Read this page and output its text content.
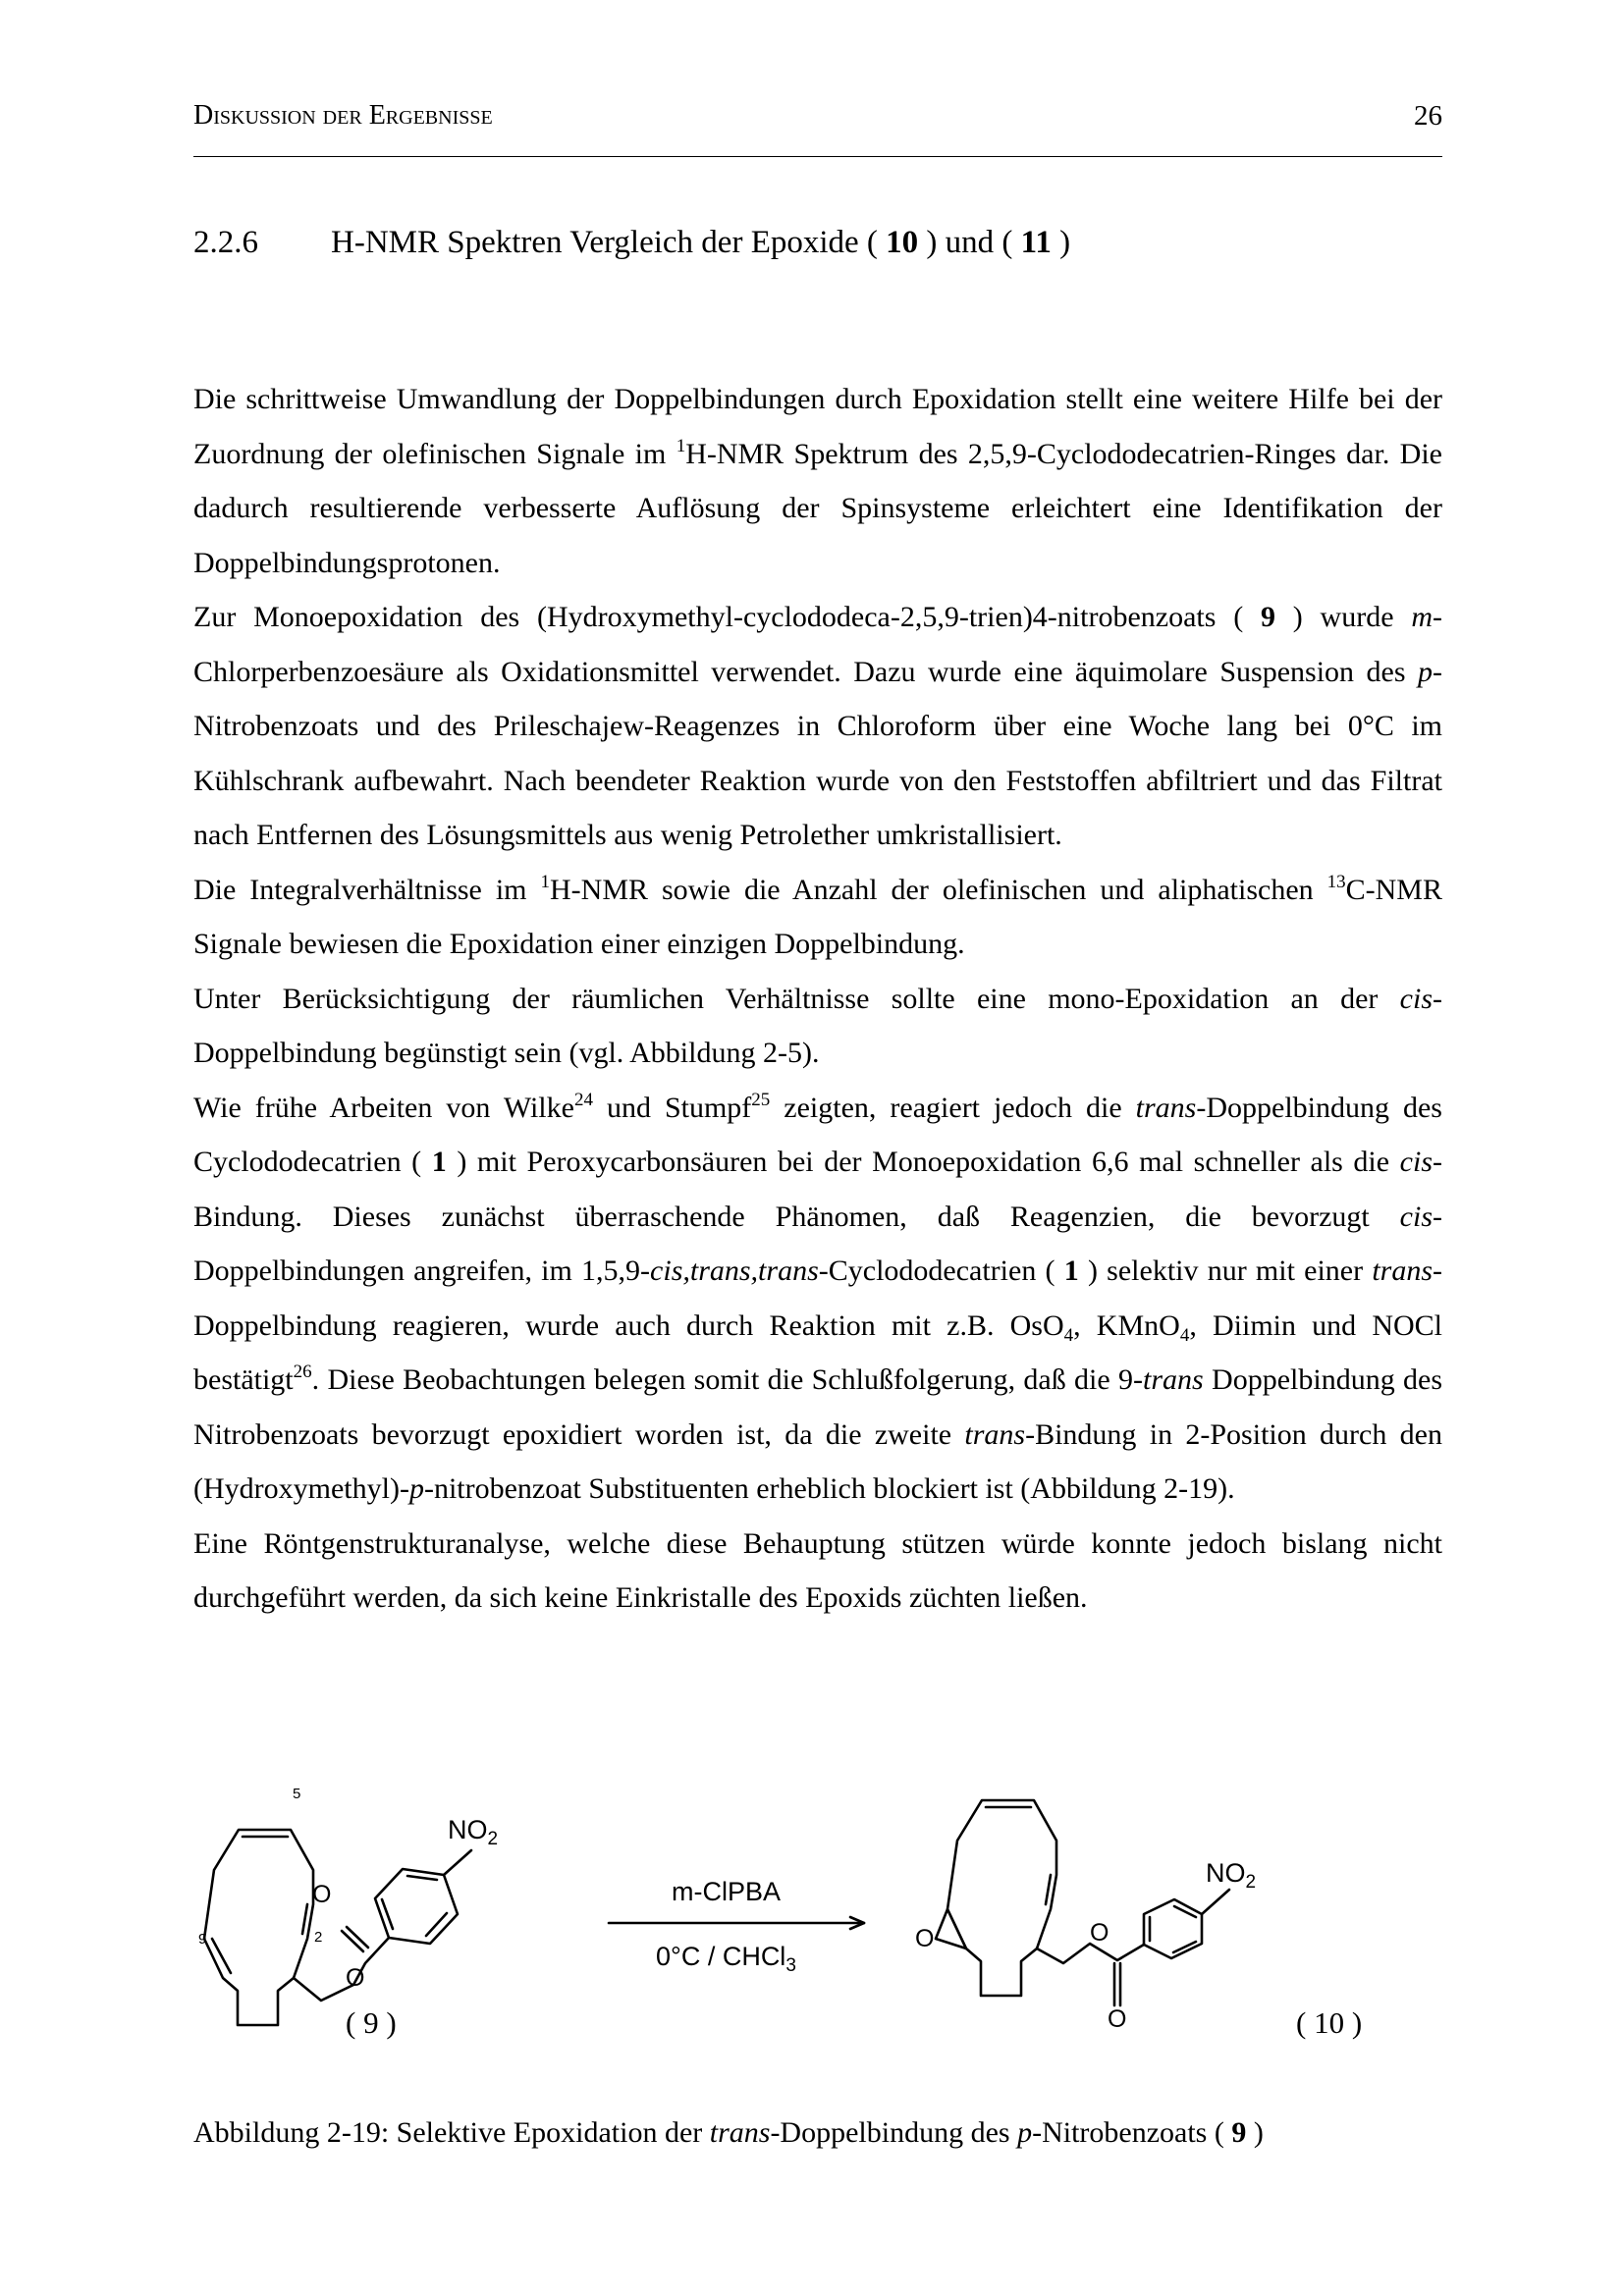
Diskussion der Ergebnisse	26
2.2.6 H-NMR Spektren Vergleich der Epoxide ( 10 ) und ( 11 )

Die schrittweise Umwandlung der Doppelbindungen durch Epoxidation stellt eine weitere Hilfe bei der Zuordnung der olefinischen Signale im $^1$H-NMR Spektrum des 2,5,9-Cyclododecatrien-Ringes dar. Die dadurch resultierende verbesserte Auflösung der Spinsysteme erleichtert eine Identifikation der Doppelbindungsprotonen.

Zur Monoepoxidation des (Hydroxymethyl-cyclododeca-2,5,9-trien)4-nitrobenzoats ( 9 ) wurde m-Chlorperbenzoesäure als Oxidationsmittel verwendet. Dazu wurde eine äquimolare Suspension des p-Nitrobenzoats und des Prileschajew-Reagenzes in Chloroform über eine Woche lang bei 0°C im Kühlschrank aufbewahrt. Nach beendeter Reaktion wurde von den Feststoffen abfiltriert und das Filtrat nach Entfernen des Lösungsmittels aus wenig Petrolether umkristallisiert.

Die Integralverhältnisse im $^1$H-NMR sowie die Anzahl der olefinischen und aliphatischen $^{13}$C-NMR Signale bewiesen die Epoxidation einer einzigen Doppelbindung.

Unter Berücksichtigung der räumlichen Verhältnisse sollte eine mono-Epoxidation an der cis-Doppelbindung begünstigt sein (vgl. Abbildung 2-5).

Wie frühe Arbeiten von Wilke$^{24}$ und Stumpf$^{25}$ zeigten, reagiert jedoch die trans-Doppelbindung des Cyclododecatrien ( 1 ) mit Peroxycarbonsäuren bei der Monoepoxidation 6,6 mal schneller als die cis-Bindung. Dieses zunächst überraschende Phänomen, daß Reagenzien, die bevorzugt cis-Doppelbindungen angreifen, im 1,5,9-cis,trans,trans-Cyclododecatrien ( 1 ) selektiv nur mit einer trans-Doppelbindung reagieren, wurde auch durch Reaktion mit z.B. OsO$_4$, KMnO$_4$, Diimin und NOCl bestätigt$^{26}$. Diese Beobachtungen belegen somit die Schlußfolgerung, daß die 9-trans Doppelbindung des Nitrobenzoats bevorzugt epoxidiert worden ist, da die zweite trans-Bindung in 2-Position durch den (Hydroxymethyl)-p-nitrobenzoat Substituenten erheblich blockiert ist (Abbildung 2-19).

Eine Röntgenstrukturanalyse, welche diese Behauptung stützen würde konnte jedoch bislang nicht durchgeführt werden, da sich keine Einkristalle des Epoxids züchten ließen.

$NO_2$
O
O
5
9	2
( 9 )
m-ClPBA
0°C / CHCl$_3$
O	O
O
$NO_2$
( 10 )
Abbildung 2-19: Selektive Epoxidation der trans-Doppelbindung des p-Nitrobenzoats ( 9 )
